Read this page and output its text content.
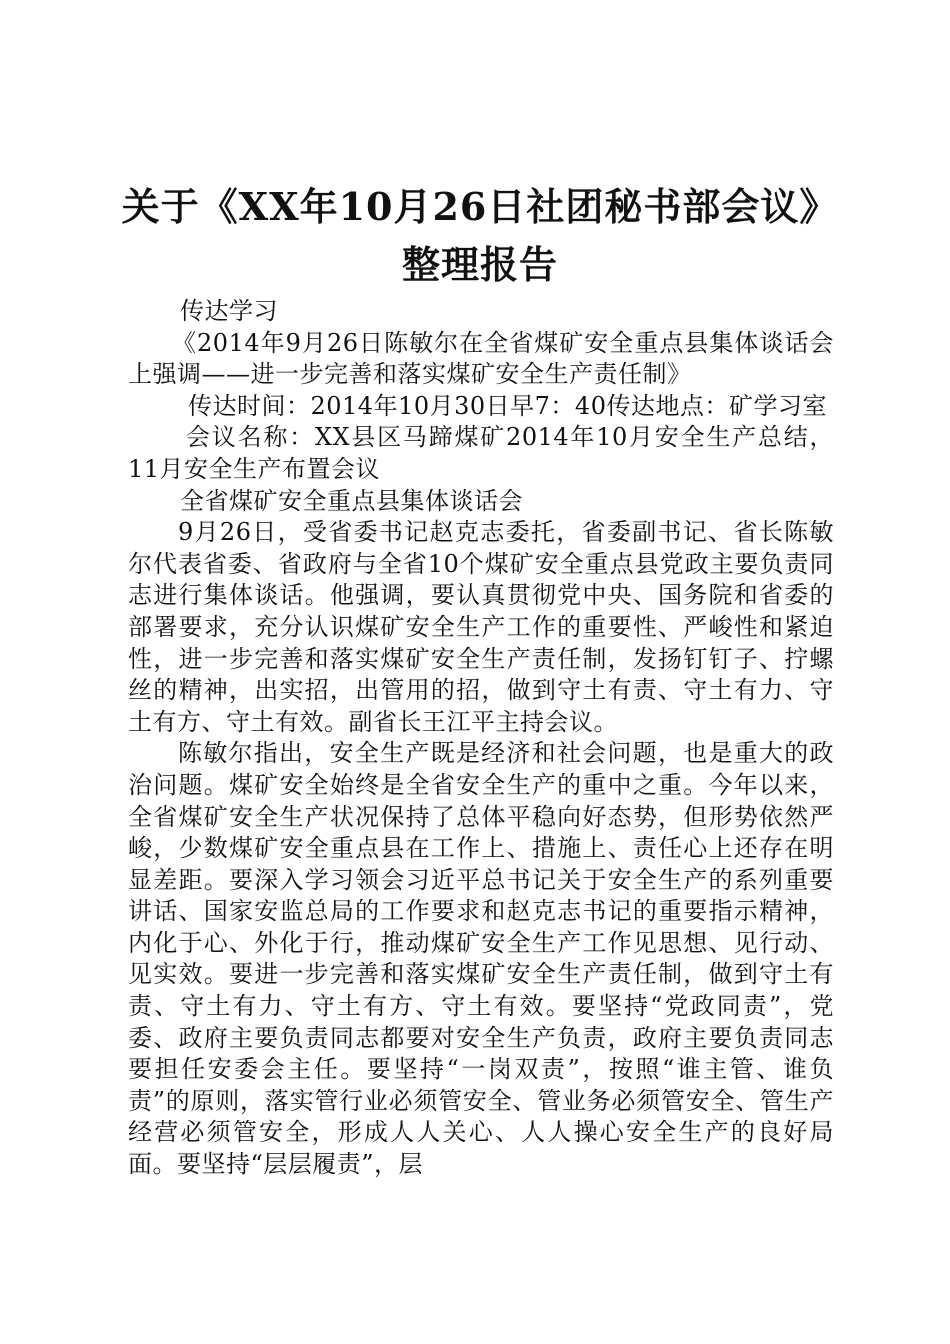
关于《XX年10月26日社团秘书部会议》整理报告

传达学习

《2014年9月26日陈敏尔在全省煤矿安全重点县集体谈话会上强调——进一步完善和落实煤矿安全生产责任制》

传达时间：2014年10月30日早7：40传达地点：矿学习室

会议名称：XX县区马蹄煤矿2014年10月安全生产总结，11月安全生产布置会议

全省煤矿安全重点县集体谈话会

9月26日，受省委书记赵克志委托，省委副书记、省长陈敏尔代表省委、省政府与全省10个煤矿安全重点县党政主要负责同志进行集体谈话。他强调，要认真贯彻党中央、国务院和省委的部署要求，充分认识煤矿安全生产工作的重要性、严峻性和紧迫性，进一步完善和落实煤矿安全生产责任制，发扬钉钉子、拧螺丝的精神，出实招，出管用的招，做到守土有责、守土有力、守土有方、守土有效。副省长王江平主持会议。

陈敏尔指出，安全生产既是经济和社会问题，也是重大的政治问题。煤矿安全始终是全省安全生产的重中之重。今年以来，全省煤矿安全生产状况保持了总体平稳向好态势，但形势依然严峻，少数煤矿安全重点县在工作上、措施上、责任心上还存在明显差距。要深入学习领会习近平总书记关于安全生产的系列重要讲话、国家安监总局的工作要求和赵克志书记的重要指示精神，内化于心、外化于行，推动煤矿安全生产工作见思想、见行动、见实效。要进一步完善和落实煤矿安全生产责任制，做到守土有责、守土有力、守土有方、守土有效。要坚持“党政同责”，党委、政府主要负责同志都要对安全生产负责，政府主要负责同志要担任安委会主任。要坚持“一岗双责”，按照“谁主管、谁负责”的原则，落实管行业必须管安全、管业务必须管安全、管生产经营必须管安全，形成人人关心、人人操心安全生产的良好局面。要坚持“层层履责”，层
